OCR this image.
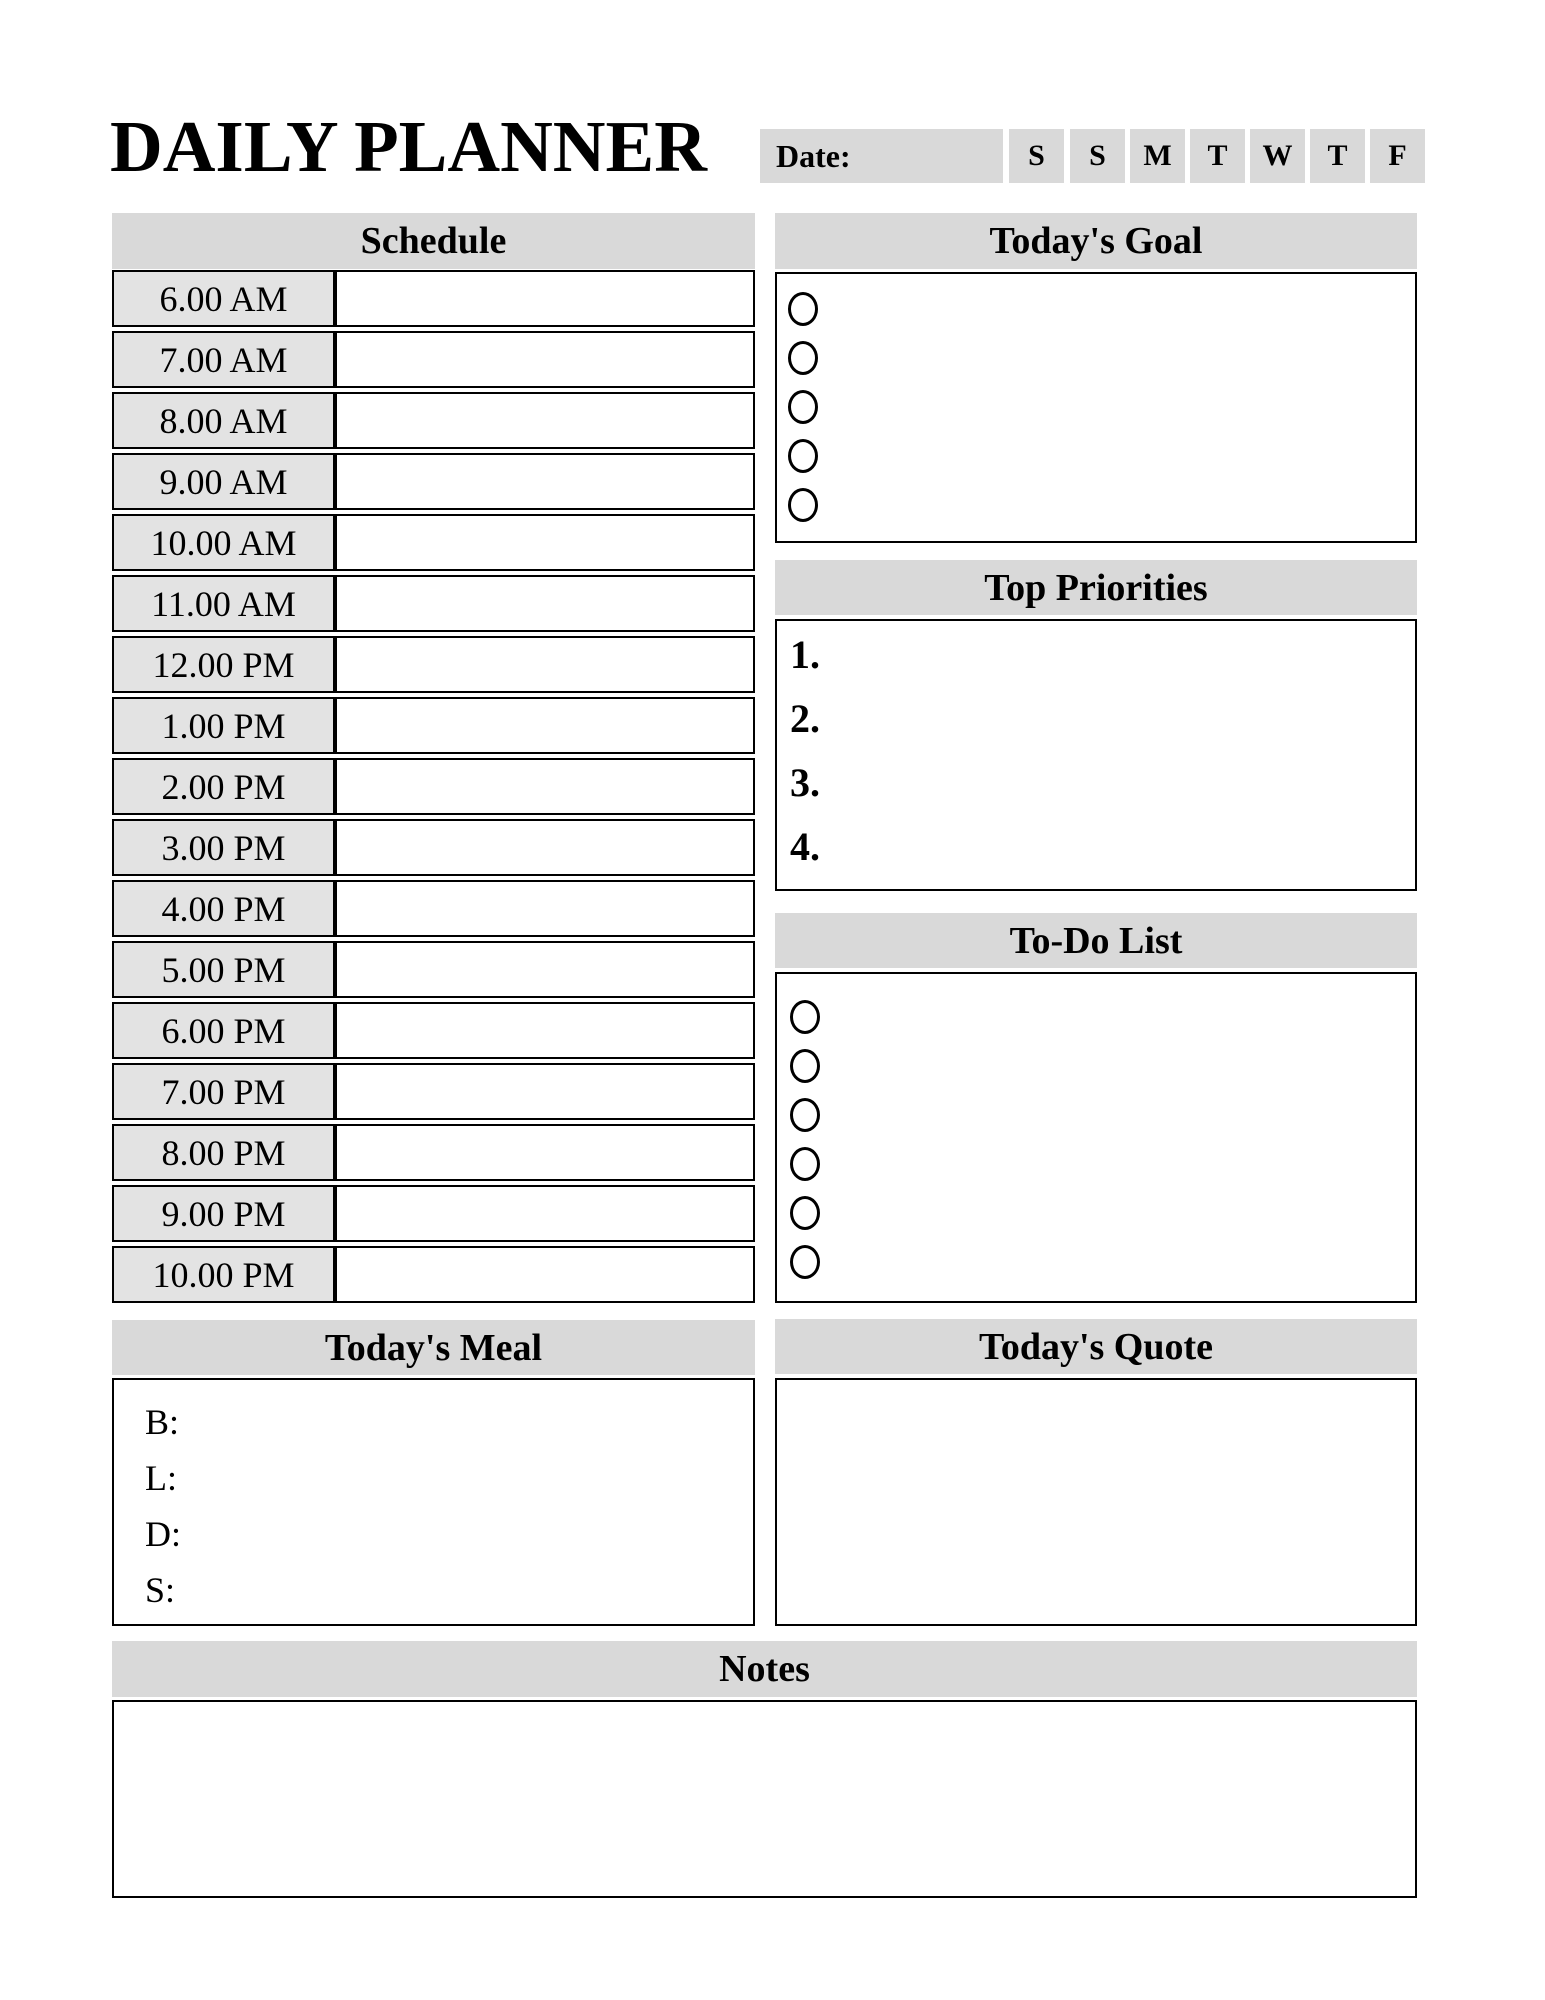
DAILY PLANNER Date:	S	S	M	T	W	T	F
Schedule
6.00 AM
7.00 AM
8.00 AM
9.00 AM
10.00 AM
11.00 AM
12.00 PM
1.00 PM
2.00 PM
3.00 PM
4.00 PM
5.00 PM
6.00 PM
7.00 PM
8.00 PM
9.00 PM
10.00 PM
Today's Goal
Top Priorities
1.
2.
3.
4.
To-Do List
Today's Meal
B:
L:
D:
S:
Today's Quote
Notes
